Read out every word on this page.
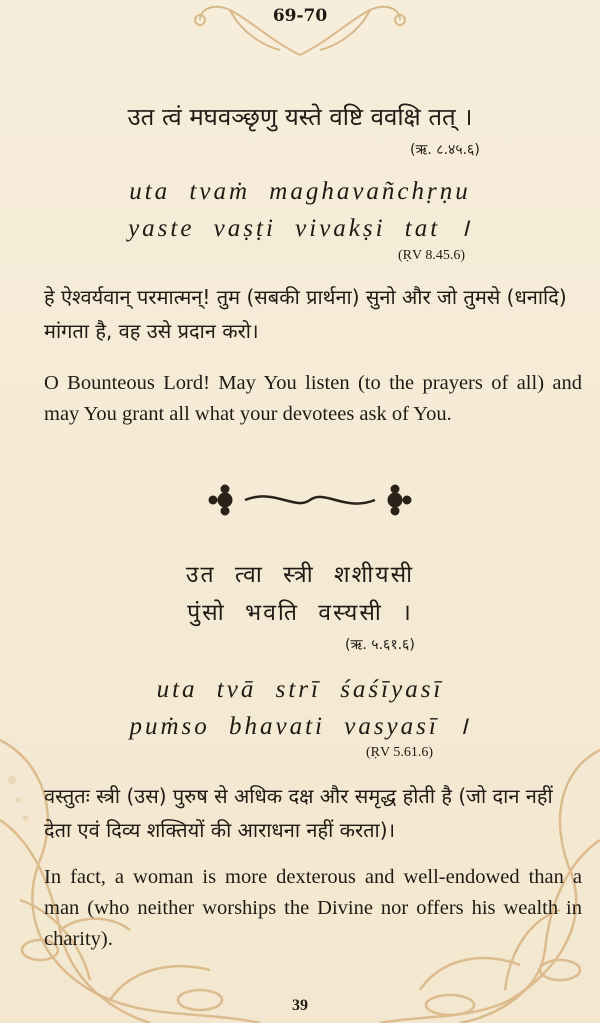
69-70
उत त्वं मघवञ्छृणु यस्ते वष्टि ववक्षि तत् ।
(ऋ. ८.४५.६)
uta tvaṁ maghavañchṛṇu
yaste vaṣṭi vivakṣi tat ।
(ṚV 8.45.6)
हे ऐश्वर्यवान् परमात्मन्! तुम (सबकी प्रार्थना) सुनो और जो तुमसे (धनादि) मांगता है, वह उसे प्रदान करो।
O Bounteous Lord! May You listen (to the prayers of all) and may You grant all what your devotees ask of You.
उत त्वा स्त्री शशीयसी
पुंसो भवति वस्यसी ।
(ऋ. ५.६१.६)
uta tvā strī śaśīyasī
puṁso bhavati vasyasī ।
(ṚV 5.61.6)
वस्तुतः स्त्री (उस) पुरुष से अधिक दक्ष और समृद्ध होती है (जो दान नहीं देता एवं दिव्य शक्तियों की आराधना नहीं करता)।
In fact, a woman is more dexterous and well-endowed than a man (who neither worships the Divine nor offers his wealth in charity).
39
